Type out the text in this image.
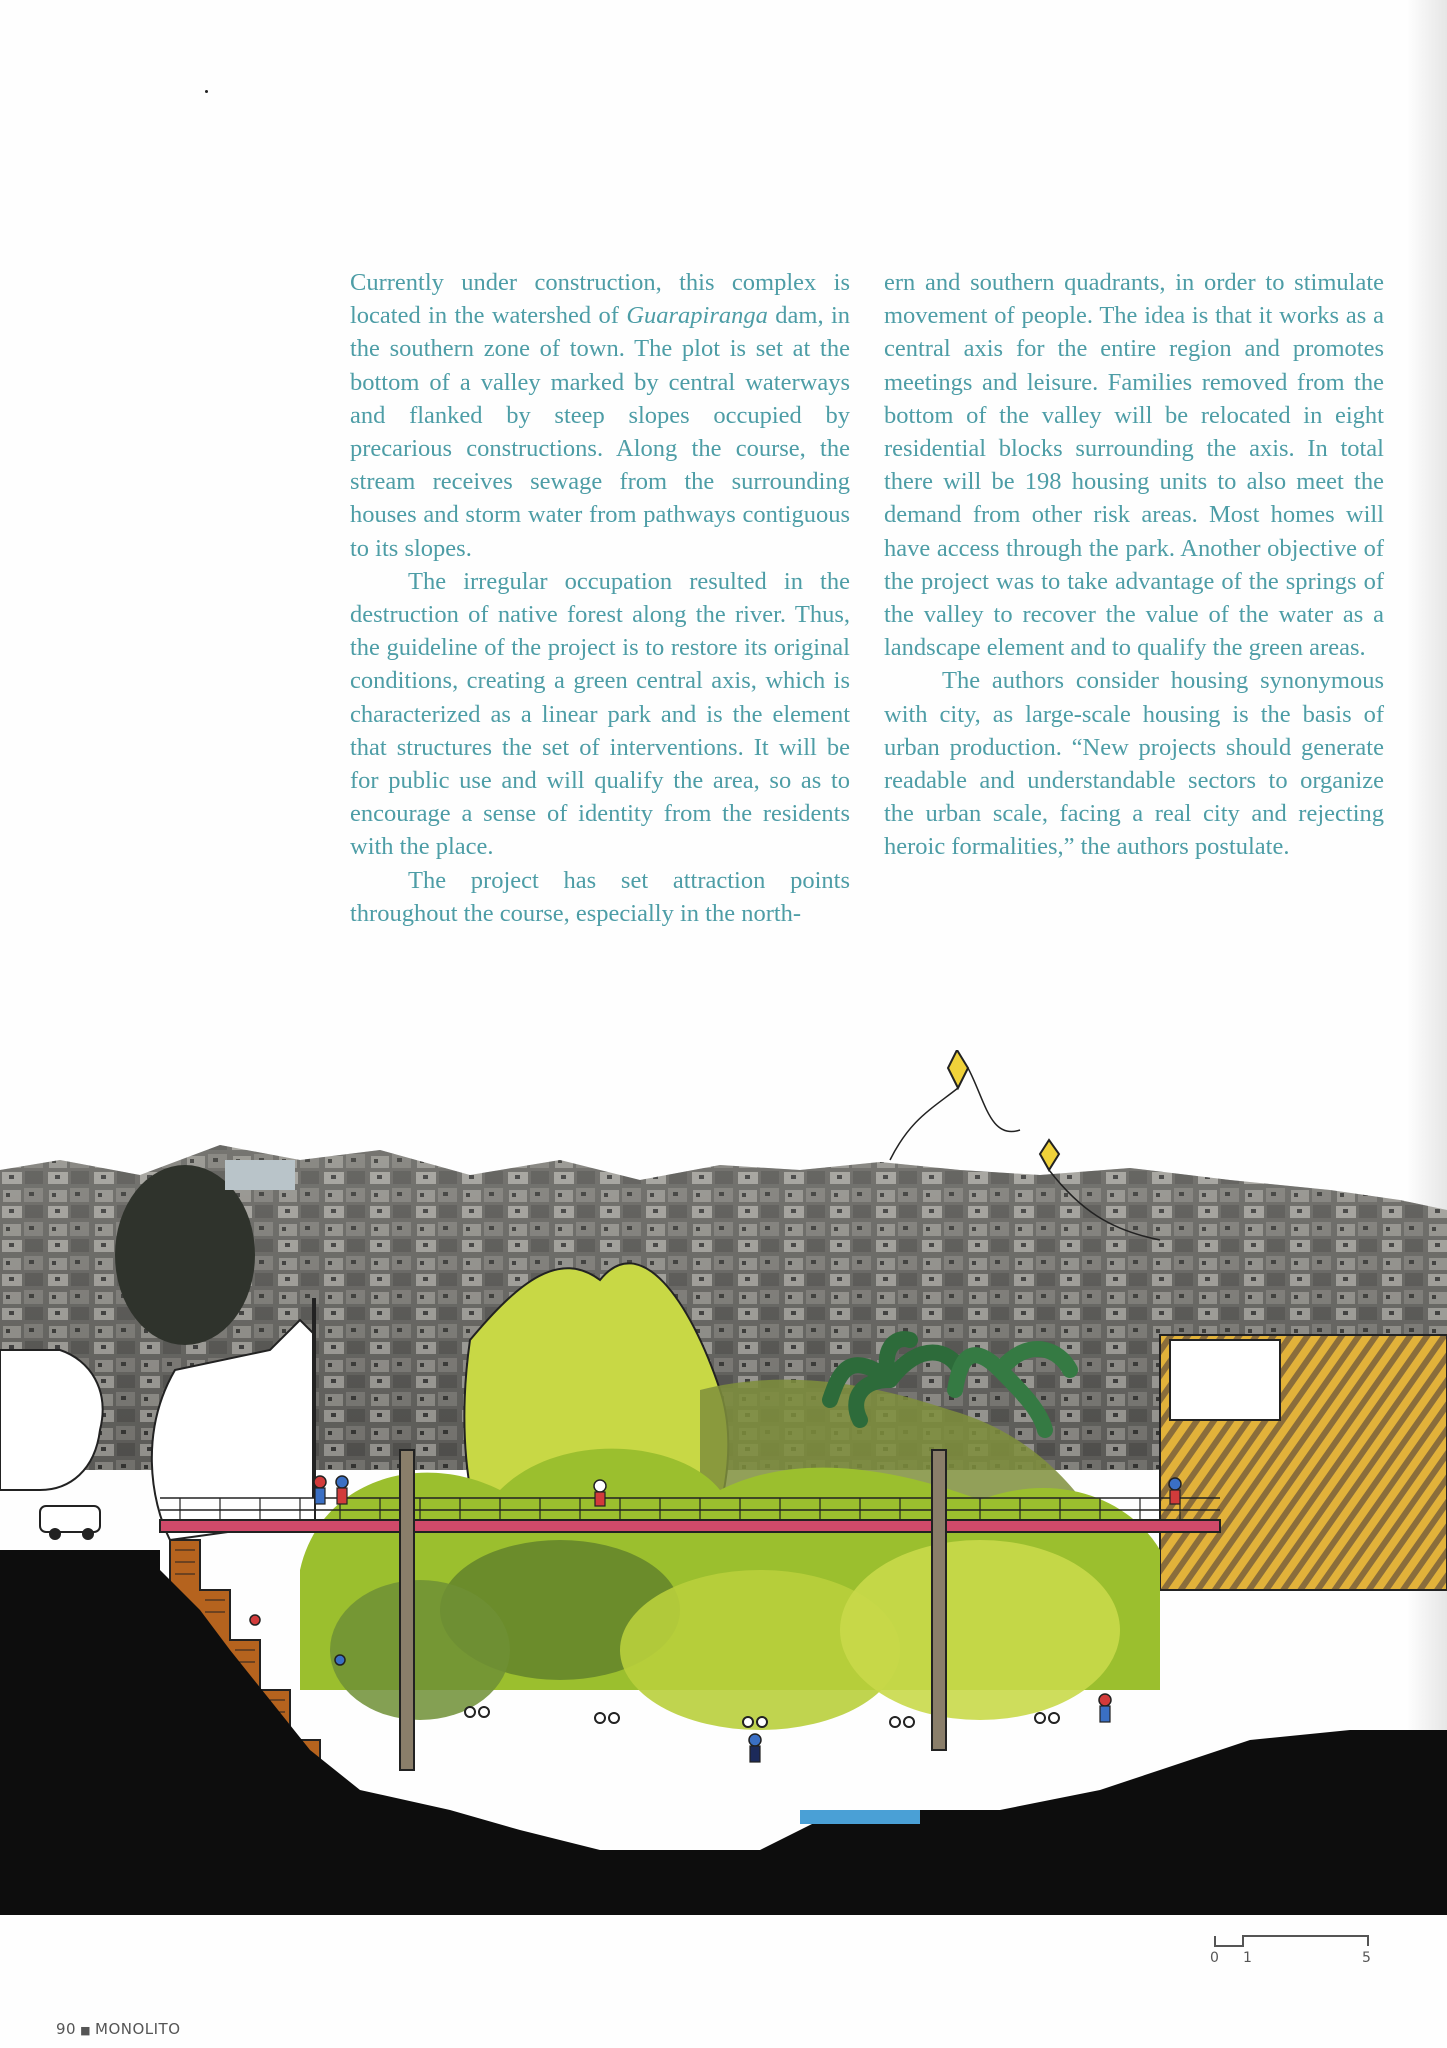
Currently under construction, this complex is located in the watershed of Guarapiranga dam, in the southern zone of town. The plot is set at the bottom of a valley marked by central waterways and flanked by steep slopes occupied by precarious constructions. Along the course, the stream receives sewage from the surrounding houses and storm water from pathways contiguous to its slopes.

The irregular occupation resulted in the destruction of native forest along the river. Thus, the guideline of the project is to restore its original conditions, creating a green central axis, which is characterized as a linear park and is the element that structures the set of interventions. It will be for public use and will qualify the area, so as to encourage a sense of identity from the residents with the place.

The project has set attraction points throughout the course, especially in the north-

ern and southern quadrants, in order to stimulate movement of people. The idea is that it works as a central axis for the entire region and promotes meetings and leisure. Families removed from the bottom of the valley will be relocated in eight residential blocks surrounding the axis. In total there will be 198 housing units to also meet the demand from other risk areas. Most homes will have access through the park. Another objective of the project was to take advantage of the springs of the valley to recover the value of the water as a landscape element and to qualify the green areas.

The authors consider housing synonymous with city, as large-scale housing is the basis of urban production. “New projects should generate readable and understandable sectors to organize the urban scale, facing a real city and rejecting heroic formalities,” the authors postulate.

0 1	5
90 ■ MONOLITO
